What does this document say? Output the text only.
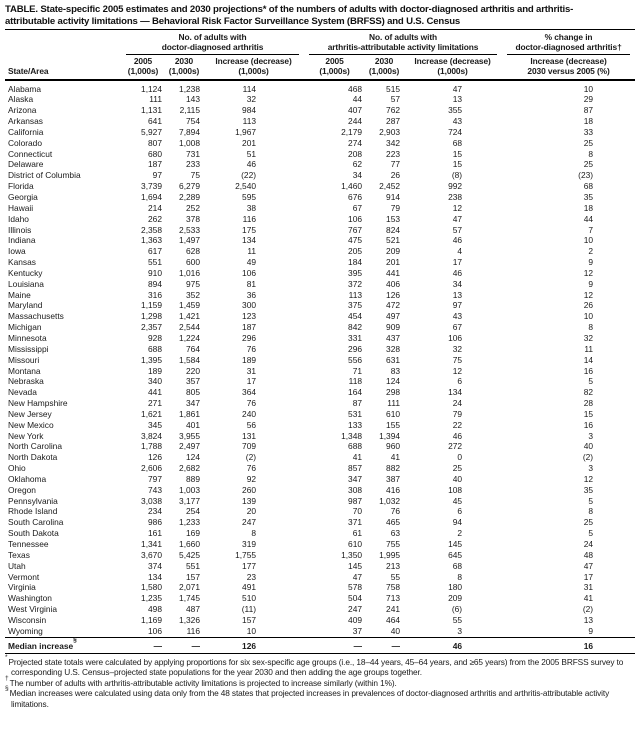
TABLE. State-specific 2005 estimates and 2030 projections* of the numbers of adults with doctor-diagnosed arthritis and arthritis-
attributable activity limitations — Behavioral Risk Factor Surveillance System (BRFSS) and U.S. Census

	No. of adults with
doctor-diagnosed arthritis			No. of adults with
arthritis-attributable activity limitations			% change in
doctor-diagnosed arthritis†

State/Area	2005
(1,000s)	2030
(1,000s)	Increase (decrease)
(1,000s)	2005
(1,000s)	2030
(1,000s)	Increase (decrease)
(1,000s)	Increase (decrease)
2030 versus 2005 (%)

Alabama	1,124	1,238	114	468	515	47	10
Alaska	111	143	32	44	57	13	29
Arizona	1,131	2,115	984	407	762	355	87
Arkansas	641	754	113	244	287	43	18
California	5,927	7,894	1,967	2,179	2,903	724	33
Colorado	807	1,008	201	274	342	68	25
Connecticut	680	731	51	208	223	15	8
Delaware	187	233	46	62	77	15	25
District of Columbia	97	75	(22)	34	26	(8)	(23)
Florida	3,739	6,279	2,540	1,460	2,452	992	68
Georgia	1,694	2,289	595	676	914	238	35
Hawaii	214	252	38	67	79	12	18
Idaho	262	378	116	106	153	47	44
Illinois	2,358	2,533	175	767	824	57	7
Indiana	1,363	1,497	134	475	521	46	10
Iowa	617	628	11	205	209	4	2
Kansas	551	600	49	184	201	17	9
Kentucky	910	1,016	106	395	441	46	12
Louisiana	894	975	81	372	406	34	9
Maine	316	352	36	113	126	13	12
Maryland	1,159	1,459	300	375	472	97	26
Massachusetts	1,298	1,421	123	454	497	43	10
Michigan	2,357	2,544	187	842	909	67	8
Minnesota	928	1,224	296	331	437	106	32
Mississippi	688	764	76	296	328	32	11
Missouri	1,395	1,584	189	556	631	75	14
Montana	189	220	31	71	83	12	16
Nebraska	340	357	17	118	124	6	5
Nevada	441	805	364	164	298	134	82
New Hampshire	271	347	76	87	111	24	28
New Jersey	1,621	1,861	240	531	610	79	15
New Mexico	345	401	56	133	155	22	16
New York	3,824	3,955	131	1,348	1,394	46	3
North Carolina	1,788	2,497	709	688	960	272	40
North Dakota	126	124	(2)	41	41	0	(2)
Ohio	2,606	2,682	76	857	882	25	3
Oklahoma	797	889	92	347	387	40	12
Oregon	743	1,003	260	308	416	108	35
Pennsylvania	3,038	3,177	139	987	1,032	45	5
Rhode Island	234	254	20	70	76	6	8
South Carolina	986	1,233	247	371	465	94	25
South Dakota	161	169	8	61	63	2	5
Tennessee	1,341	1,660	319	610	755	145	24
Texas	3,670	5,425	1,755	1,350	1,995	645	48
Utah	374	551	177	145	213	68	47
Vermont	134	157	23	47	55	8	17
Virginia	1,580	2,071	491	578	758	180	31
Washington	1,235	1,745	510	504	713	209	41
West Virginia	498	487	(11)	247	241	(6)	(2)
Wisconsin	1,169	1,326	157	409	464	55	13
Wyoming	106	116	10	37	40	3	9
Median increase§	—	—	126	—	—	46	16

*Projected state totals were calculated by applying proportions for six sex-specific age groups (i.e., 18–44 years, 45–64 years, and ≥65 years) from the 2005 BRFSS survey to corresponding U.S. Census–projected state populations for the year 2030 and then adding the age groups together.

†The number of adults with arthritis-attributable activity limitations is projected to increase similarly (within 1%).

§Median increases were calculated using data only from the 48 states that projected increases in prevalences of doctor-diagnosed arthritis and arthritis-attributable activity limitations.
